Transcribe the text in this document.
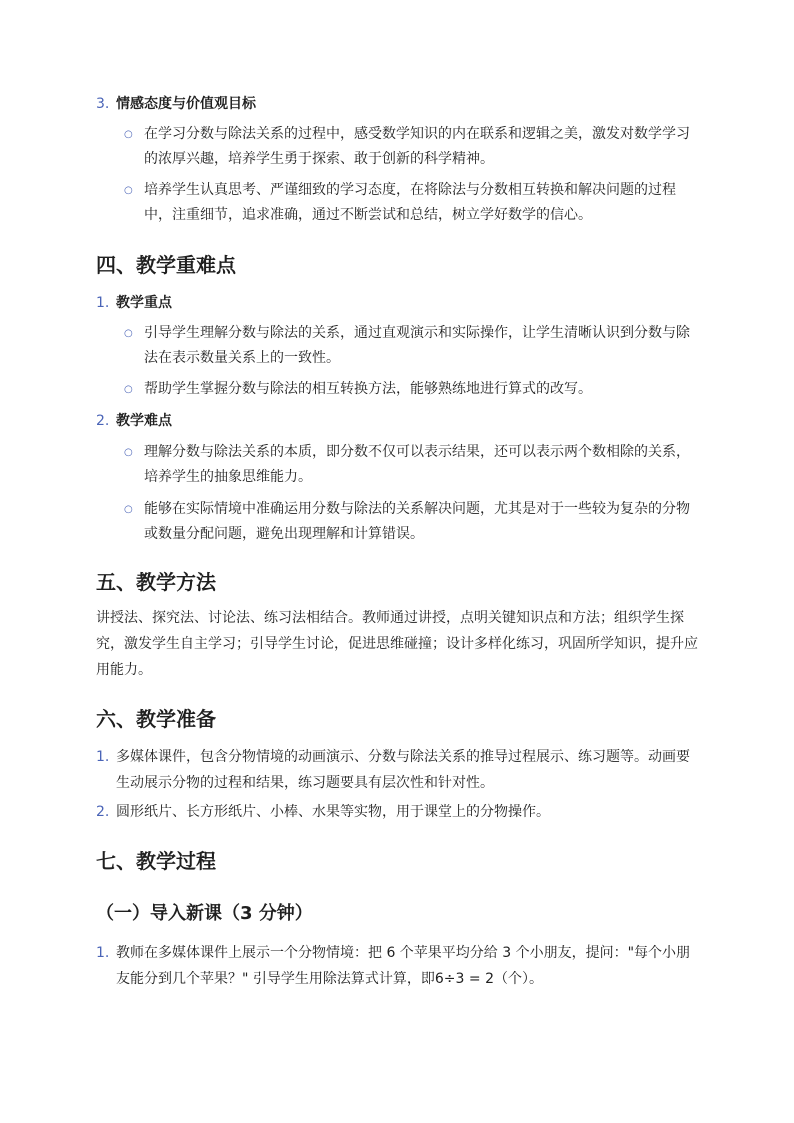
3. 情感态度与价值观目标
○ 在学习分数与除法关系的过程中，感受数学知识的内在联系和逻辑之美，激发对数学学习的浓厚兴趣，培养学生勇于探索、敢于创新的科学精神。
○ 培养学生认真思考、严谨细致的学习态度，在将除法与分数相互转换和解决问题的过程中，注重细节，追求准确，通过不断尝试和总结，树立学好数学的信心。
四、教学重难点
1. 教学重点
○ 引导学生理解分数与除法的关系，通过直观演示和实际操作，让学生清晰认识到分数与除法在表示数量关系上的一致性。
○ 帮助学生掌握分数与除法的相互转换方法，能够熟练地进行算式的改写。
2. 教学难点
○ 理解分数与除法关系的本质，即分数不仅可以表示结果，还可以表示两个数相除的关系，培养学生的抽象思维能力。
○ 能够在实际情境中准确运用分数与除法的关系解决问题，尤其是对于一些较为复杂的分物或数量分配问题，避免出现理解和计算错误。
五、教学方法
讲授法、探究法、讨论法、练习法相结合。教师通过讲授，点明关键知识点和方法；组织学生探究，激发学生自主学习；引导学生讨论，促进思维碰撞；设计多样化练习，巩固所学知识，提升应用能力。
六、教学准备
1. 多媒体课件，包含分物情境的动画演示、分数与除法关系的推导过程展示、练习题等。动画要生动展示分物的过程和结果，练习题要具有层次性和针对性。
2. 圆形纸片、长方形纸片、小棒、水果等实物，用于课堂上的分物操作。
七、教学过程
（一）导入新课（3 分钟）
1. 教师在多媒体课件上展示一个分物情境：把 6 个苹果平均分给 3 个小朋友，提问："每个小朋友能分到几个苹果？" 引导学生用除法算式计算，即6÷3 = 2（个）。
